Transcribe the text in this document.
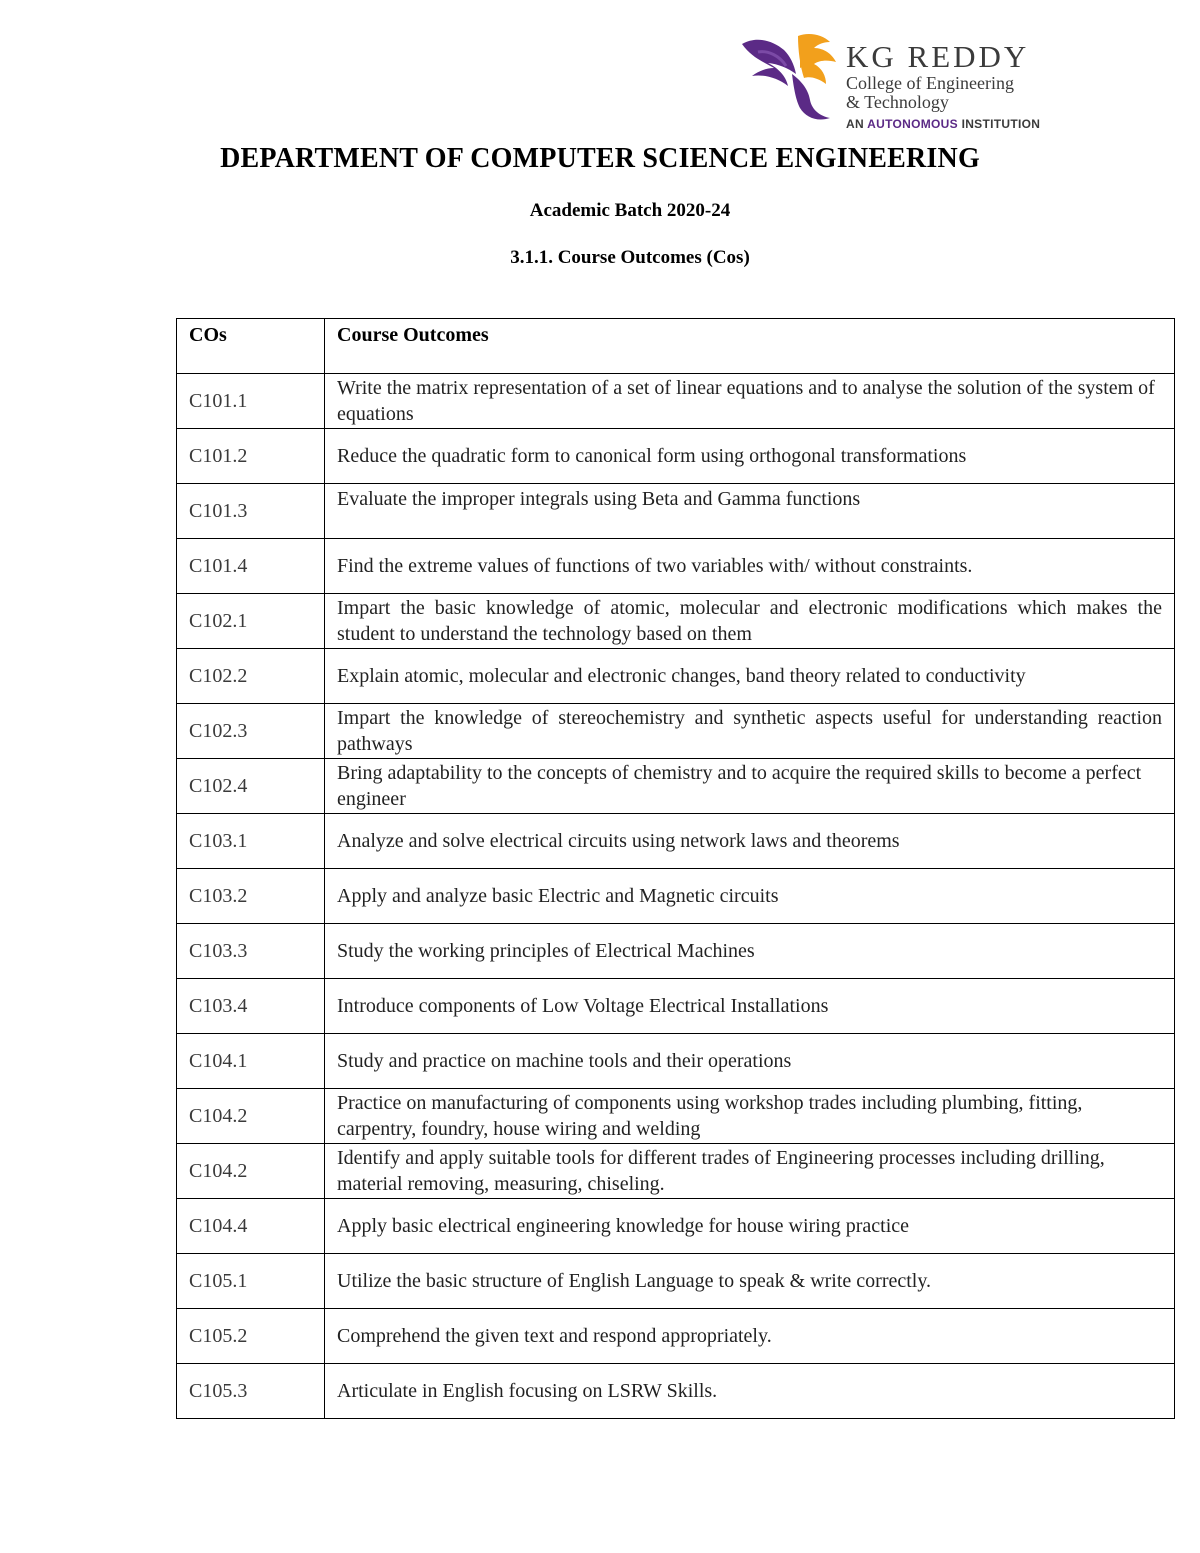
KG REDDY
College of Engineering
& Technology
AN AUTONOMOUS INSTITUTION
DEPARTMENT OF COMPUTER SCIENCE ENGINEERING
Academic Batch 2020-24
3.1.1. Course Outcomes (Cos)
COs	Course Outcomes
C101.1	Write the matrix representation of a set of linear equations and to analyse the solution of the system of equations
C101.2	Reduce the quadratic form to canonical form using orthogonal transformations
C101.3	Evaluate the improper integrals using Beta and Gamma functions
C101.4	Find the extreme values of functions of two variables with/ without constraints.
C102.1	Impart the basic knowledge of atomic, molecular and electronic modifications which makes the student to understand the technology based on them
C102.2	Explain atomic, molecular and electronic changes, band theory related to conductivity
C102.3	Impart the knowledge of stereochemistry and synthetic aspects useful for understanding reaction pathways
C102.4	Bring adaptability to the concepts of chemistry and to acquire the required skills to become a perfect engineer
C103.1	Analyze and solve electrical circuits using network laws and theorems
C103.2	Apply and analyze basic Electric and Magnetic circuits
C103.3	Study the working principles of Electrical Machines
C103.4	Introduce components of Low Voltage Electrical Installations
C104.1	Study and practice on machine tools and their operations
C104.2	Practice on manufacturing of components using workshop trades including plumbing, fitting, carpentry, foundry, house wiring and welding
C104.2	Identify and apply suitable tools for different trades of Engineering processes including drilling, material removing, measuring, chiseling.
C104.4	Apply basic electrical engineering knowledge for house wiring practice
C105.1	Utilize the basic structure of English Language to speak & write correctly.
C105.2	Comprehend the given text and respond appropriately.
C105.3	Articulate in English focusing on LSRW Skills.
